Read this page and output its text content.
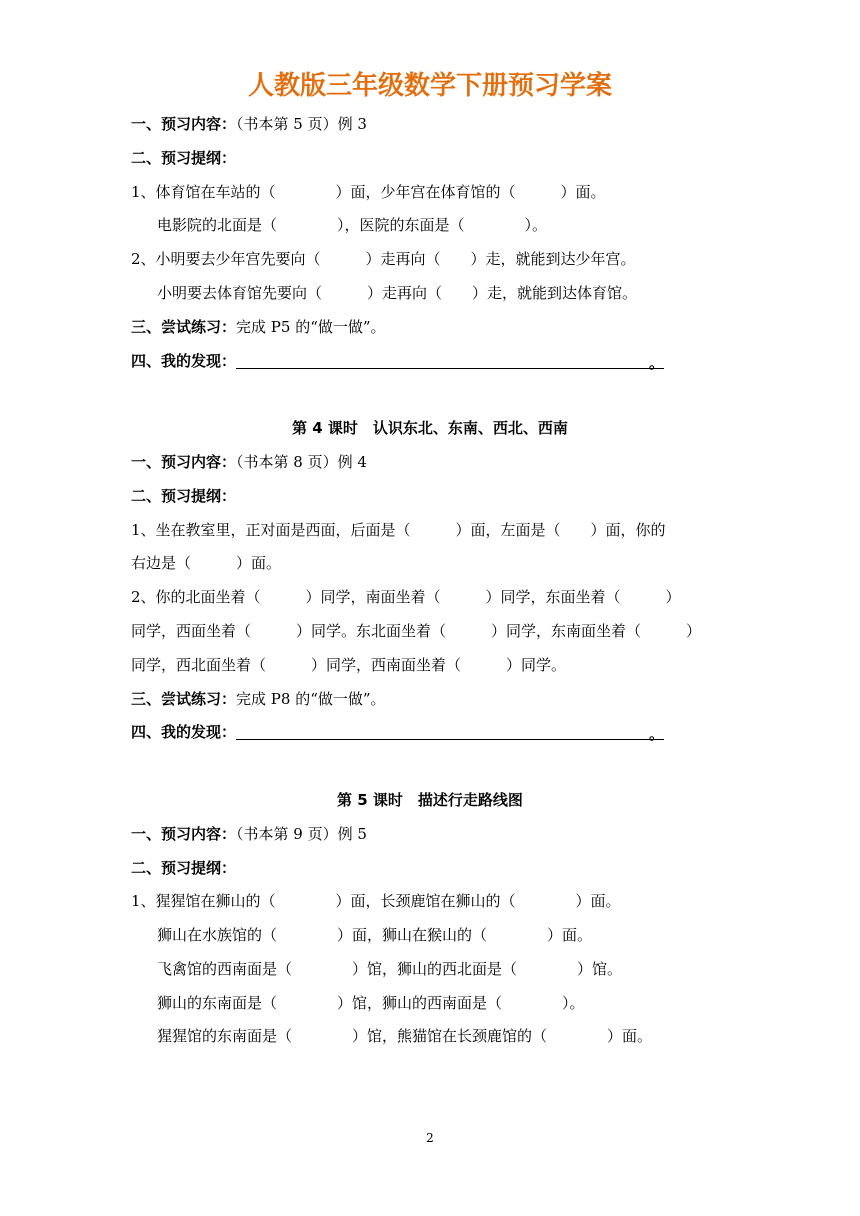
人教版三年级数学下册预习学案
一、预习内容：（书本第 5 页）例 3
二、预习提纲：
1、体育馆在车站的（　　　　）面，少年宫在体育馆的（　　　）面。
电影院的北面是（　　　　），医院的东面是（　　　　）。
2、小明要去少年宫先要向（　　　）走再向（　　）走，就能到达少年宫。
小明要去体育馆先要向（　　　）走再向（　　）走，就能到达体育馆。
三、尝试练习：完成 P5 的“做一做”。
四、我的发现：	。
第 4 课时　认识东北、东南、西北、西南
一、预习内容：（书本第 8 页）例 4
二、预习提纲：
1、坐在教室里，正对面是西面，后面是（　　　）面，左面是（　　）面，你的
右边是（　　　）面。
2、你的北面坐着（　　　）同学，南面坐着（　　　）同学，东面坐着（　　　）
同学，西面坐着（　　　）同学。东北面坐着（　　　）同学，东南面坐着（　　　）
同学，西北面坐着（　　　）同学，西南面坐着（　　　）同学。
三、尝试练习：完成 P8 的“做一做”。
四、我的发现：	。
第 5 课时　描述行走路线图
一、预习内容：（书本第 9 页）例 5
二、预习提纲：
1、猩猩馆在狮山的（　　　　）面，长颈鹿馆在狮山的（　　　　）面。
狮山在水族馆的（　　　　）面，狮山在猴山的（　　　　）面。
飞禽馆的西南面是（　　　　）馆，狮山的西北面是（　　　　）馆。
狮山的东南面是（　　　　）馆，狮山的西南面是（　　　　）。
猩猩馆的东南面是（　　　　）馆，熊猫馆在长颈鹿馆的（　　　　）面。
2
